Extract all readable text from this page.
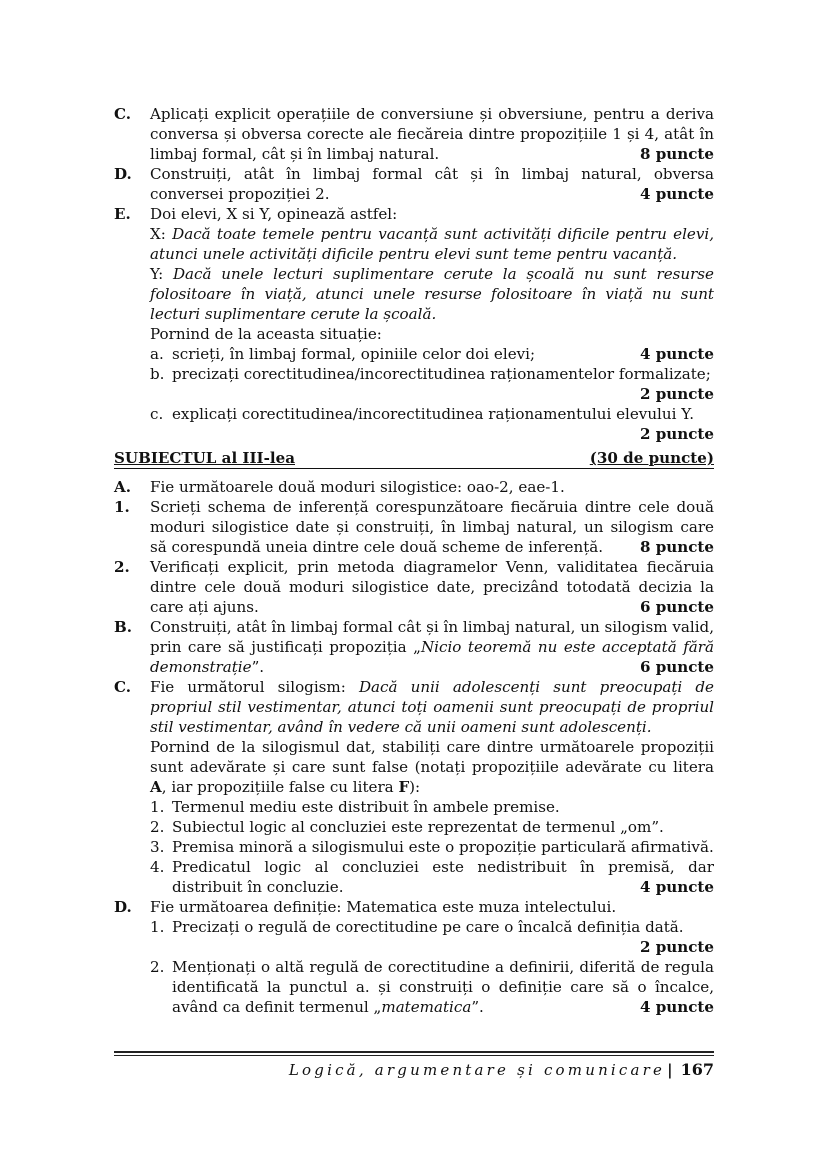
C. Aplicați explicit operațiile de conversiune și obversiune, pentru a deriva conversa și obversa corecte ale fiecăreia dintre propozițiile 1 și 4, atât în limbaj formal, cât și în limbaj natural.	8 puncte
D. Construiți, atât în limbaj formal cât și în limbaj natural, obversa conversei propoziției 2.	4 puncte
E. Doi elevi, X si Y, opinează astfel:
X: Dacă toate temele pentru vacanță sunt activități dificile pentru elevi, atunci unele activități dificile pentru elevi sunt teme pentru vacanță.
Y: Dacă unele lecturi suplimentare cerute la școală nu sunt resurse folositoare în viață, atunci unele resurse folositoare în viață nu sunt lecturi suplimentare cerute la școală.
Pornind de la aceasta situație:
a. scrieți, în limbaj formal, opiniile celor doi elevi;	4 puncte
b. precizați corectitudinea/incorectitudinea raționamentelor formalizate;
2 puncte
c. explicați corectitudinea/incorectitudinea raționamentului elevului Y.
2 puncte
SUBIECTUL al III-lea	(30 de puncte)
A. Fie următoarele două moduri silogistice: oao-2, eae-1.
1. Scrieți schema de inferență corespunzătoare fiecăruia dintre cele două moduri silogistice date și construiți, în limbaj natural, un silogism care să corespundă uneia dintre cele două scheme de inferență. 8 puncte
2. Verificați explicit, prin metoda diagramelor Venn, validitatea fiecăruia dintre cele două moduri silogistice date, precizând totodată decizia la care ați ajuns.	6 puncte
B. Construiți, atât în limbaj formal cât și în limbaj natural, un silogism valid, prin care să justificați propoziția „Nicio teoremă nu este acceptată fără demonstrație”.	6 puncte
C. Fie următorul silogism: Dacă unii adolescenți sunt preocupați de propriul stil vestimentar, atunci toți oamenii sunt preocupați de propriul stil vestimentar, având în vedere că unii oameni sunt adolescenți.
Pornind de la silogismul dat, stabiliți care dintre următoarele propoziții sunt adevărate și care sunt false (notați propozițiile adevărate cu litera A, iar propozițiile false cu litera F):
1. Termenul mediu este distribuit în ambele premise.
2. Subiectul logic al concluziei este reprezentat de termenul „om”.
3. Premisa minoră a silogismului este o propoziție particulară afirmativă.
4. Predicatul logic al concluziei este nedistribuit în premisă, dar distribuit în concluzie.	4 puncte
D. Fie următoarea definiție: Matematica este muza intelectului.
1. Precizați o regulă de corectitudine pe care o încalcă definiția dată.
2 puncte
2. Menționați o altă regulă de corectitudine a definirii, diferită de regula identificată la punctul a. și construiți o definiție care să o încalce, având ca definit termenul „matematica”.	4 puncte
Logică, argumentare și comunicare | 167
